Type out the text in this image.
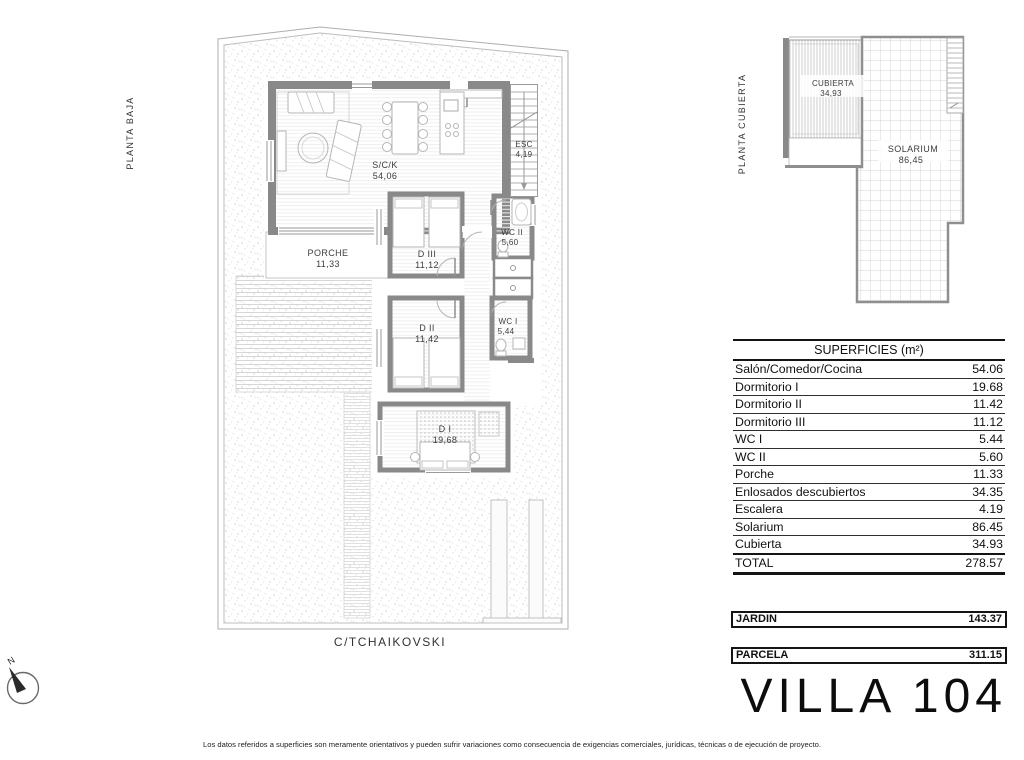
S/C/K
54,06
ESC
4,19
PORCHE
11,33
D III
11,12
D II
11,42
D I
19,68
WC II
5,60
WC I
5,44
PLANTA BAJA	PLANTA CUBIERTA	CUBIERTA
34,93
SOLARIUM
86,45
N
SUPERFICIES (m²)
Salón/Comedor/Cocina	54.06
Dormitorio I	19.68
Dormitorio II	11.42
Dormitorio III	11.12
WC I	5.44
WC II	5.60
Porche	11.33
Enlosados descubiertos	34.35
Escalera	4.19
Solarium	86.45
Cubierta	34.93
TOTAL	278.57
JARDIN	143.37
PARCELA	311.15
VILLA 104
C/TCHAIKOVSKI
Los datos referidos a superficies son meramente orientativos y pueden sufrir variaciones como consecuencia de exigencias comerciales, jurídicas, técnicas o de ejecución de proyecto.
